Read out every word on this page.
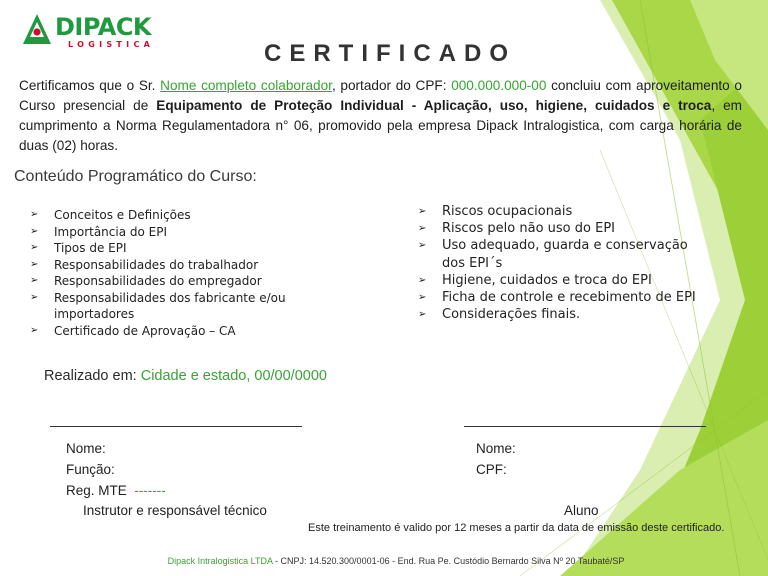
DIPACK
LOGISTICA	CERTIFICADO

Certificamos que o Sr. Nome completo colaborador, portador do CPF: 000.000.000-00 concluiu com aproveitamento o Curso presencial de Equipamento de Proteção Individual - Aplicação, uso, higiene, cuidados e troca, em cumprimento a Norma Regulamentadora n° 06, promovido pela empresa Dipack Intralogistica, com carga horária de duas (02) horas.

Conteúdo Programático do Curso:
➢ Conceitos e Definições
➢ Importância do EPI
➢ Tipos de EPI
➢ Responsabilidades do trabalhador
➢ Responsabilidades do empregador
➢ Responsabilidades dos fabricante e/ou importadores
➢ Certificado de Aprovação – CA
➢ Riscos ocupacionais
➢ Riscos pelo não uso do EPI
➢ Uso adequado, guarda e conservação dos EPI´s
➢ Higiene, cuidados e troca do EPI
➢ Ficha de controle e recebimento de EPI
➢ Considerações finais.
Realizado em: Cidade e estado, 00/00/0000
Nome:
Função:
Reg. MTE -------
Instrutor e responsável técnico
Nome:
CPF:
Aluno
Este treinamento é valido por 12 meses a partir da data de emissão deste certificado.
Dipack Intralogistica LTDA - CNPJ: 14.520.300/0001-06 - End. Rua Pe. Custódio Bernardo Silva Nº 20 Taubaté/SP
